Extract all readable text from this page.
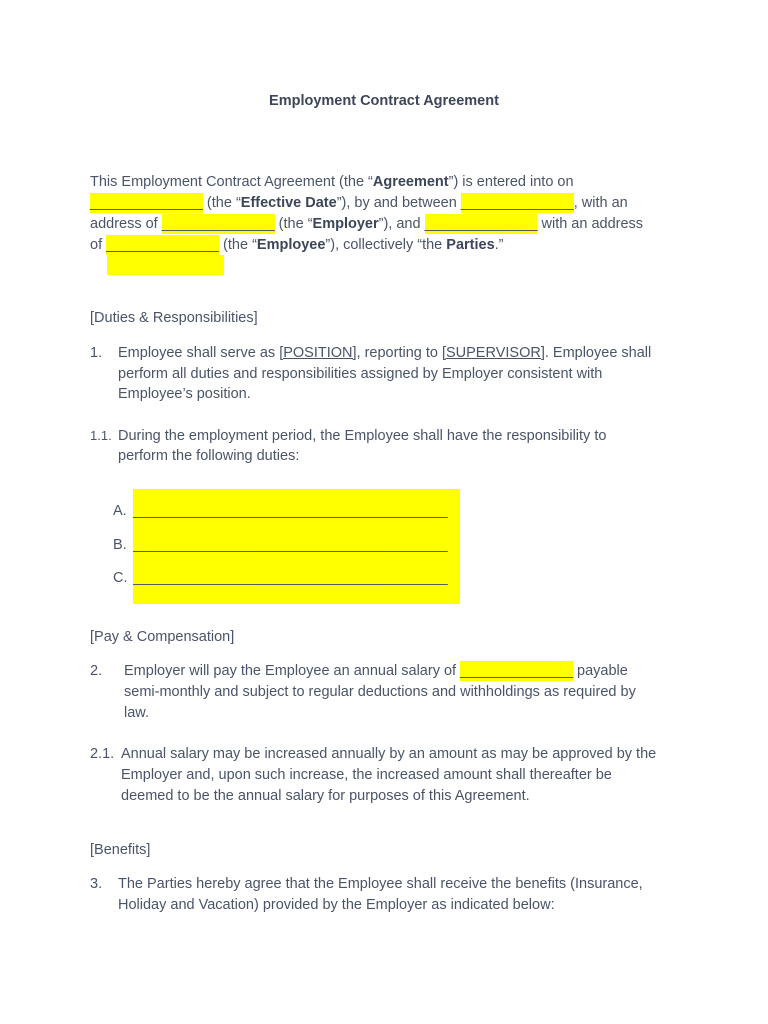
Employment Contract Agreement
This Employment Contract Agreement (the “Agreement”) is entered into on
______________ (the “Effective Date”), by and between ______________, with an
address of ______________ (the “Employer”), and ______________ with an address
of ______________ (the “Employee”), collectively “the Parties.”
[Duties & Responsibilities]
1. Employee shall serve as [POSITION], reporting to [SUPERVISOR]. Employee shall
perform all duties and responsibilities assigned by Employer consistent with
Employee’s position.
1.1. During the employment period, the Employee shall have the responsibility to
perform the following duties:
A. _______________________________________
B. _______________________________________
C. _______________________________________
[Pay & Compensation]
2. Employer will pay the Employee an annual salary of ______________ payable
semi-monthly and subject to regular deductions and withholdings as required by
law.
2.1. Annual salary may be increased annually by an amount as may be approved by the
Employer and, upon such increase, the increased amount shall thereafter be
deemed to be the annual salary for purposes of this Agreement.
[Benefits]
3. The Parties hereby agree that the Employee shall receive the benefits (Insurance,
Holiday and Vacation) provided by the Employer as indicated below:
